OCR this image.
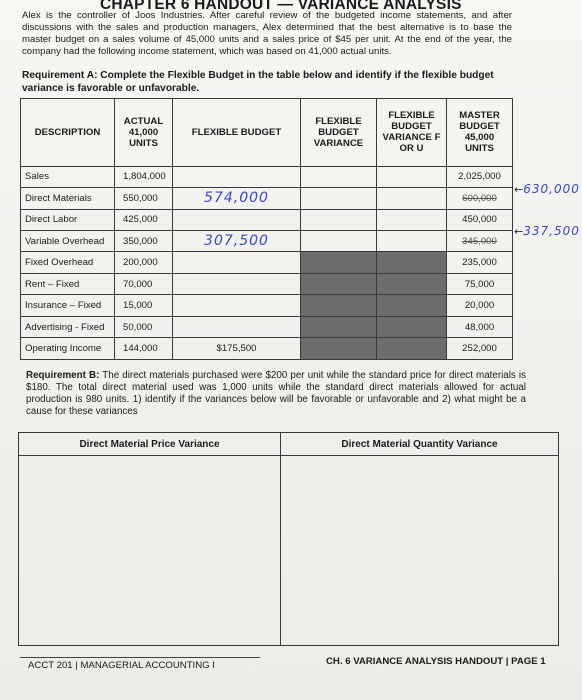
CHAPTER 6 HANDOUT — VARIANCE ANALYSIS
Alex is the controller of Joos Industries. After careful review of the budgeted income statements, and after discussions with the sales and production managers, Alex determined that the best alternative is to base the master budget on a sales volume of 45,000 units and a sales price of $45 per unit. At the end of the year, the company had the following income statement, which was based on 41,000 actual units.
Requirement A: Complete the Flexible Budget in the table below and identify if the flexible budget variance is favorable or unfavorable.
DESCRIPTION	ACTUAL 41,000 UNITS	FLEXIBLE BUDGET	FLEXIBLE BUDGET VARIANCE	FLEXIBLE BUDGET VARIANCE F OR U	MASTER BUDGET 45,000 UNITS
Sales	1,804,000				2,025,000
Direct Materials	550,000	574,000			600,000
Direct Labor	425,000				450,000
Variable Overhead	350,000	307,500			345,000
Fixed Overhead	200,000				235,000
Rent – Fixed	70,000				75,000
Insurance – Fixed	15,000				20,000
Advertising - Fixed	50,000				48,000
Operating Income	144,000	$175,500			252,000
←630,000
←337,500
Requirement B: The direct materials purchased were $200 per unit while the standard price for direct materials is $180. The total direct material used was 1,000 units while the standard direct materials allowed for actual production is 980 units. 1) identify if the variances below will be favorable or unfavorable and 2) what might be a cause for these variances
Direct Material Price Variance	Direct Material Quantity Variance

ACCT 201 | MANAGERIAL ACCOUNTING I	CH. 6 VARIANCE ANALYSIS HANDOUT | PAGE 1
